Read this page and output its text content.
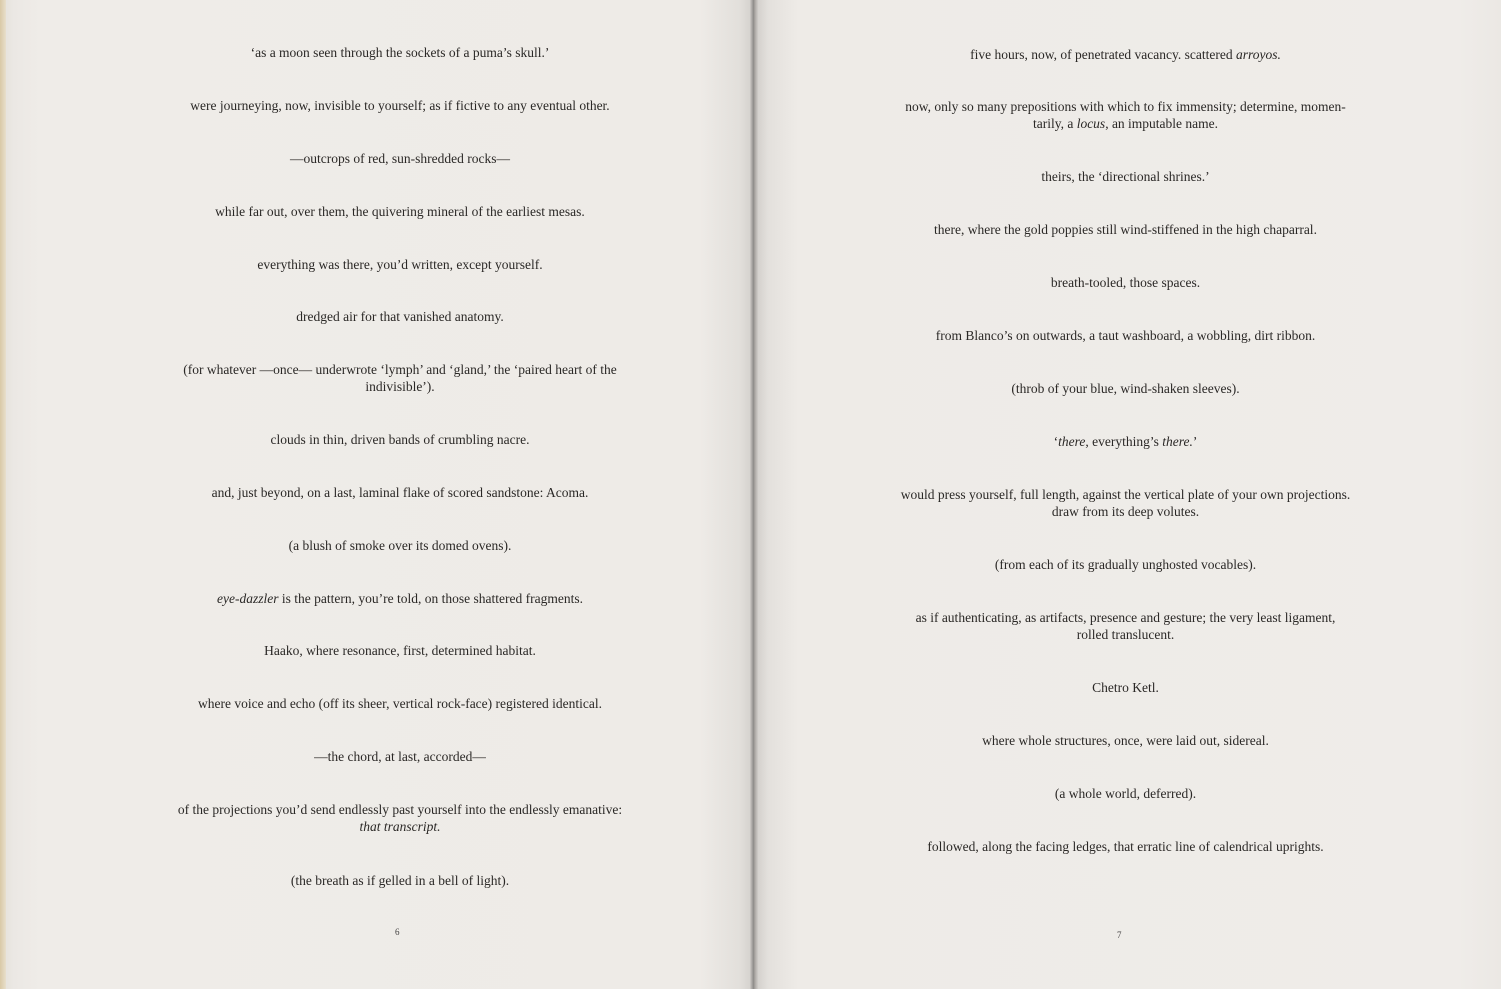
6
‘as a moon seen through the sockets of a puma’s skull.’
were journeying, now, invisible to yourself; as if fictive to any eventual other.
—outcrops of red, sun-shredded rocks—
while far out, over them, the quivering mineral of the earliest mesas.
everything was there, you’d written, except yourself.
dredged air for that vanished anatomy.
(for whatever —once— underwrote ‘lymph’ and ‘gland,’ the ‘paired heart of the
indivisible’).
clouds in thin, driven bands of crumbling nacre.
and, just beyond, on a last, laminal flake of scored sandstone: Acoma.
(a blush of smoke over its domed ovens).
eye-dazzler is the pattern, you’re told, on those shattered fragments.
Haako, where resonance, first, determined habitat.
where voice and echo (off its sheer, vertical rock-face) registered identical.
—the chord, at last, accorded—
of the projections you’d send endlessly past yourself into the endlessly emanative:
that transcript.
(the breath as if gelled in a bell of light).
7
five hours, now, of penetrated vacancy. scattered arroyos.
now, only so many prepositions with which to fix immensity; determine, momen-
tarily, a locus, an imputable name.
theirs, the ‘directional shrines.’
there, where the gold poppies still wind-stiffened in the high chaparral.
breath-tooled, those spaces.
from Blanco’s on outwards, a taut washboard, a wobbling, dirt ribbon.
(throb of your blue, wind-shaken sleeves).
‘there, everything’s there.’
would press yourself, full length, against the vertical plate of your own projections.
draw from its deep volutes.
(from each of its gradually unghosted vocables).
as if authenticating, as artifacts, presence and gesture; the very least ligament,
rolled translucent.
Chetro Ketl.
where whole structures, once, were laid out, sidereal.
(a whole world, deferred).
followed, along the facing ledges, that erratic line of calendrical uprights.
